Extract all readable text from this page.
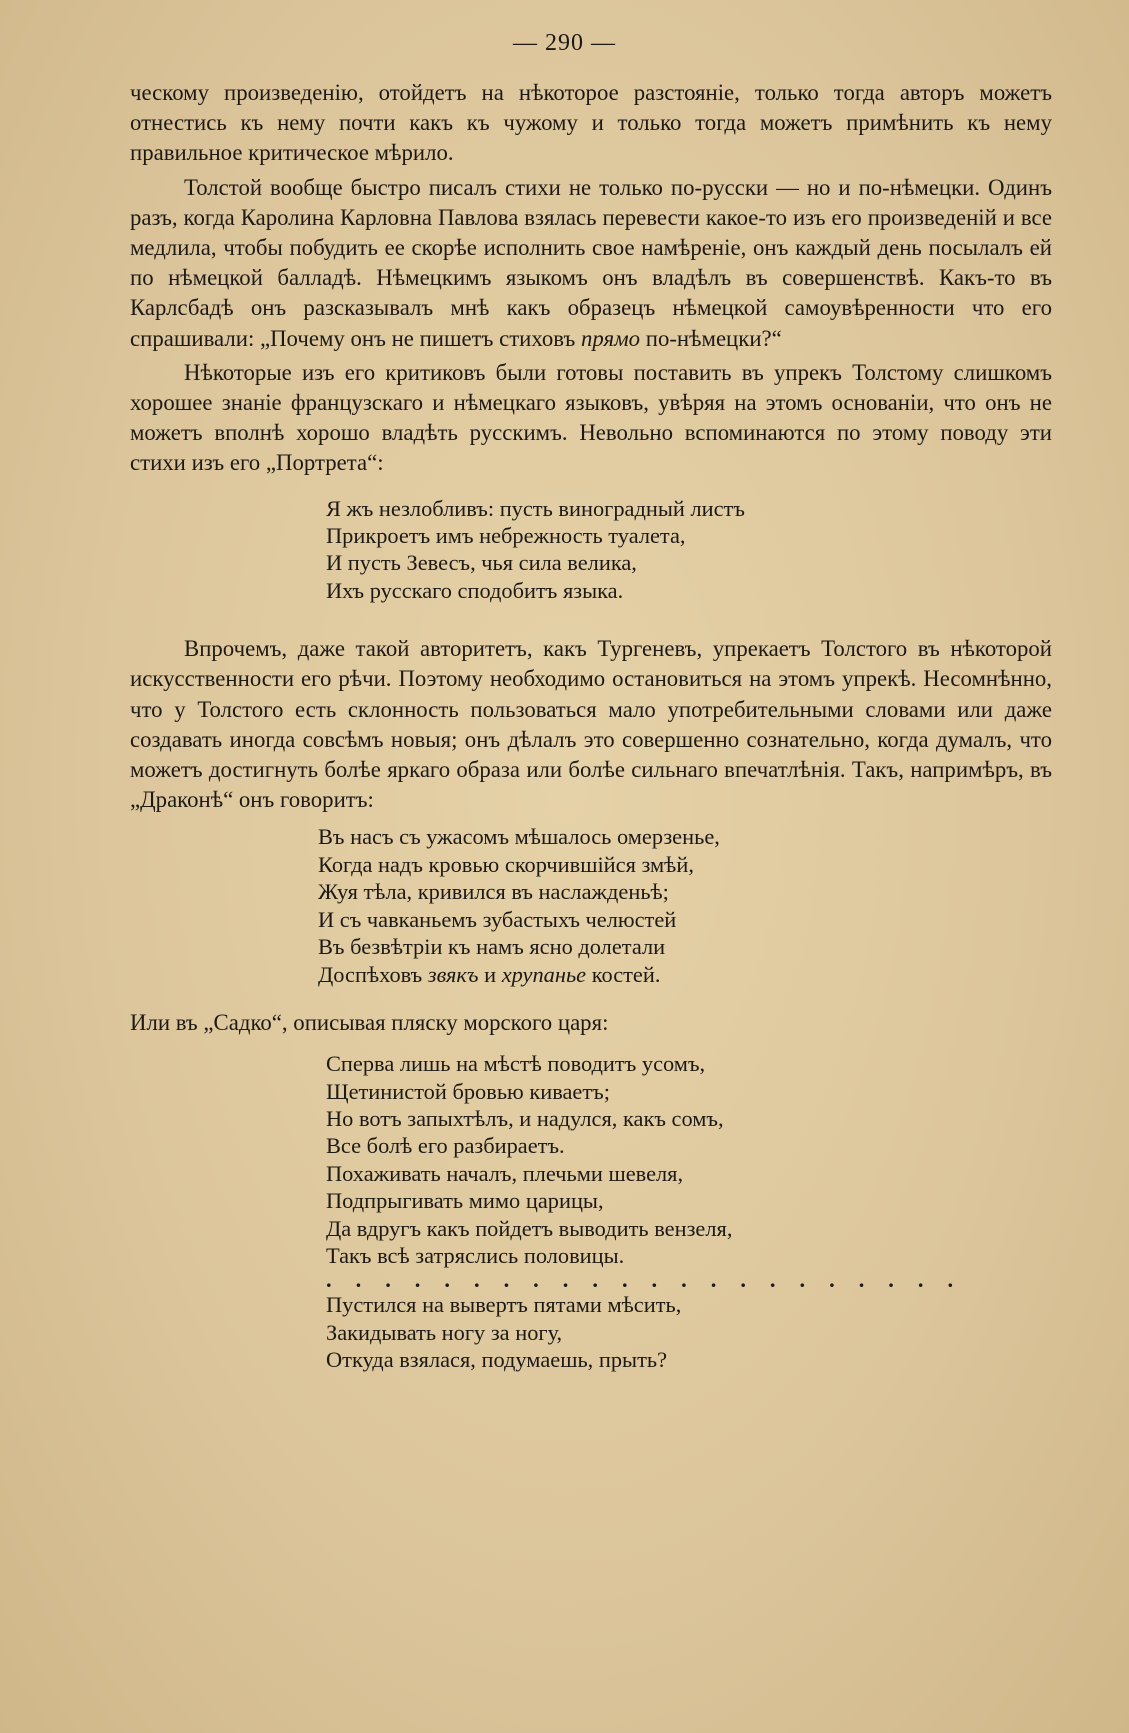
— 290 —

ческому произведенію, отойдетъ на нѣкоторое разстояніе, только тогда авторъ можетъ отнестись къ нему почти какъ къ чужому и только тогда можетъ примѣнить къ нему правильное критическое мѣрило.

Толстой вообще быстро писалъ стихи не только по-русски — но и по-нѣмецки. Одинъ разъ, когда Каролина Карловна Павлова взялась перевести какое-то изъ его произведеній и все медлила, чтобы побудить ее скорѣе исполнить свое намѣреніе, онъ каждый день посылалъ ей по нѣмецкой балладѣ. Нѣмецкимъ языкомъ онъ владѣлъ въ совершенствѣ. Какъ-то въ Карлсбадѣ онъ разсказывалъ мнѣ какъ образецъ нѣмецкой самоувѣренности что его спрашивали: „Почему онъ не пишетъ стиховъ прямо по-нѣмецки?“

Нѣкоторые изъ его критиковъ были готовы поставить въ упрекъ Толстому слишкомъ хорошее знаніе французскаго и нѣмецкаго языковъ, увѣряя на этомъ основаніи, что онъ не можетъ вполнѣ хорошо владѣть русскимъ. Невольно вспоминаются по этому поводу эти стихи изъ его „Портрета“:

Я жъ незлобливъ: пусть виноградный листъ
Прикроетъ имъ небрежность туалета,
И пусть Зевесъ, чья сила велика,
Ихъ русскаго сподобитъ языка.

Впрочемъ, даже такой авторитетъ, какъ Тургеневъ, упрекаетъ Толстого въ нѣкоторой искусственности его рѣчи. Поэтому необходимо остановиться на этомъ упрекѣ. Несомнѣнно, что у Толстого есть склонность пользоваться мало употребительными словами или даже создавать иногда совсѣмъ новыя; онъ дѣлалъ это совершенно сознательно, когда думалъ, что можетъ достигнуть болѣе яркаго образа или болѣе сильнаго впечатлѣнія. Такъ, напримѣръ, въ „Драконѣ“ онъ говоритъ:

Въ насъ съ ужасомъ мѣшалось омерзенье,
Когда надъ кровью скорчившійся змѣй,
Жуя тѣла, кривился въ наслажденьѣ;
И съ чавканьемъ зубастыхъ челюстей
Въ безвѣтріи къ намъ ясно долетали
Доспѣховъ звякъ и хрупанье костей.

Или въ „Садко“, описывая пляску морского царя:

Сперва лишь на мѣстѣ поводитъ усомъ,
Щетинистой бровью киваетъ;
Но вотъ запыхтѣлъ, и надулся, какъ сомъ,
Все болѣ его разбираетъ.
Похаживать началъ, плечьми шевеля,
Подпрыгивать мимо царицы,
Да вдругъ какъ пойдетъ выводить вензеля,
Такъ всѣ затряслись половицы.
. . . . . . . . . . . . . . . . . . . . . .
Пустился на вывертъ пятами мѣсить,
Закидывать ногу за ногу,
Откуда взялася, подумаешь, прыть?
